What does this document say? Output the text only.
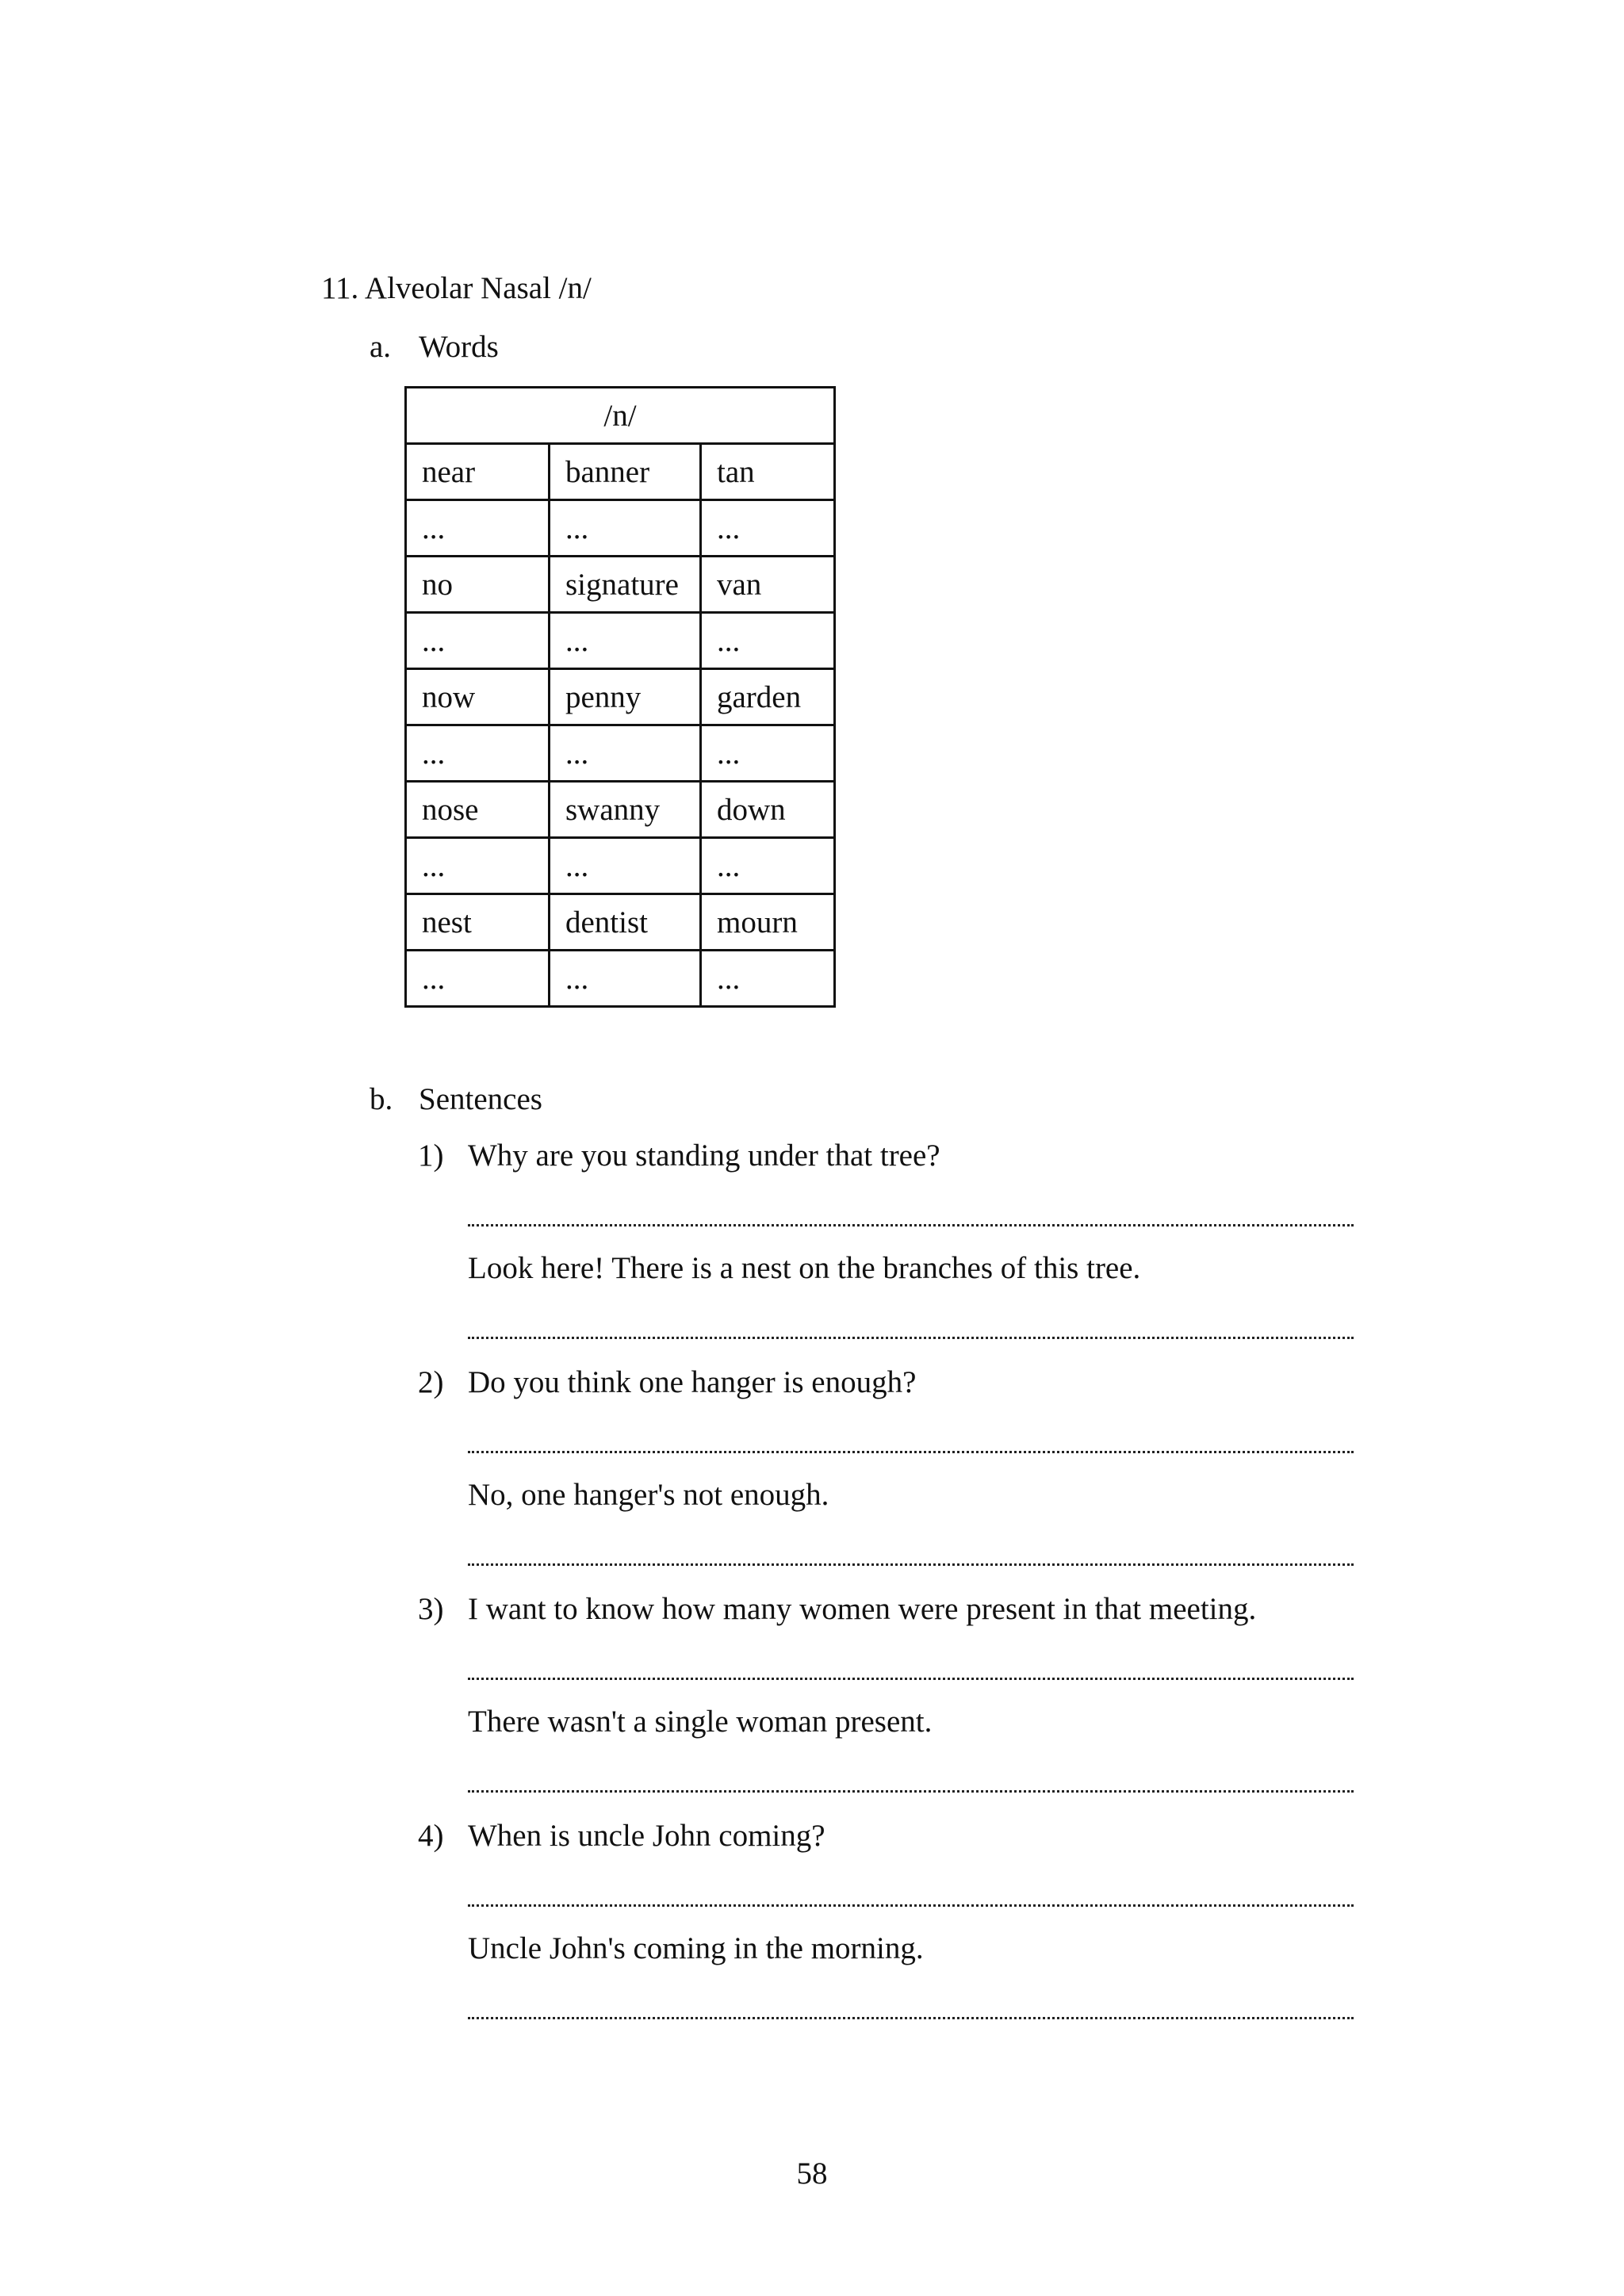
11. Alveolar Nasal /n/
a. Words
/n/		
near	banner	tan
...	...	...
no	signature	van
...	...	...
now	penny	garden
...	...	...
nose	swanny	down
...	...	...
nest	dentist	mourn
...	...	...
b. Sentences
1) Why are you standing under that tree?
Look here! There is a nest on the branches of this tree.
2) Do you think one hanger is enough?
No, one hanger's not enough.
3) I want to know how many women were present in that meeting.
There wasn't a single woman present.
4) When is uncle John coming?
Uncle John's coming in the morning.
58
